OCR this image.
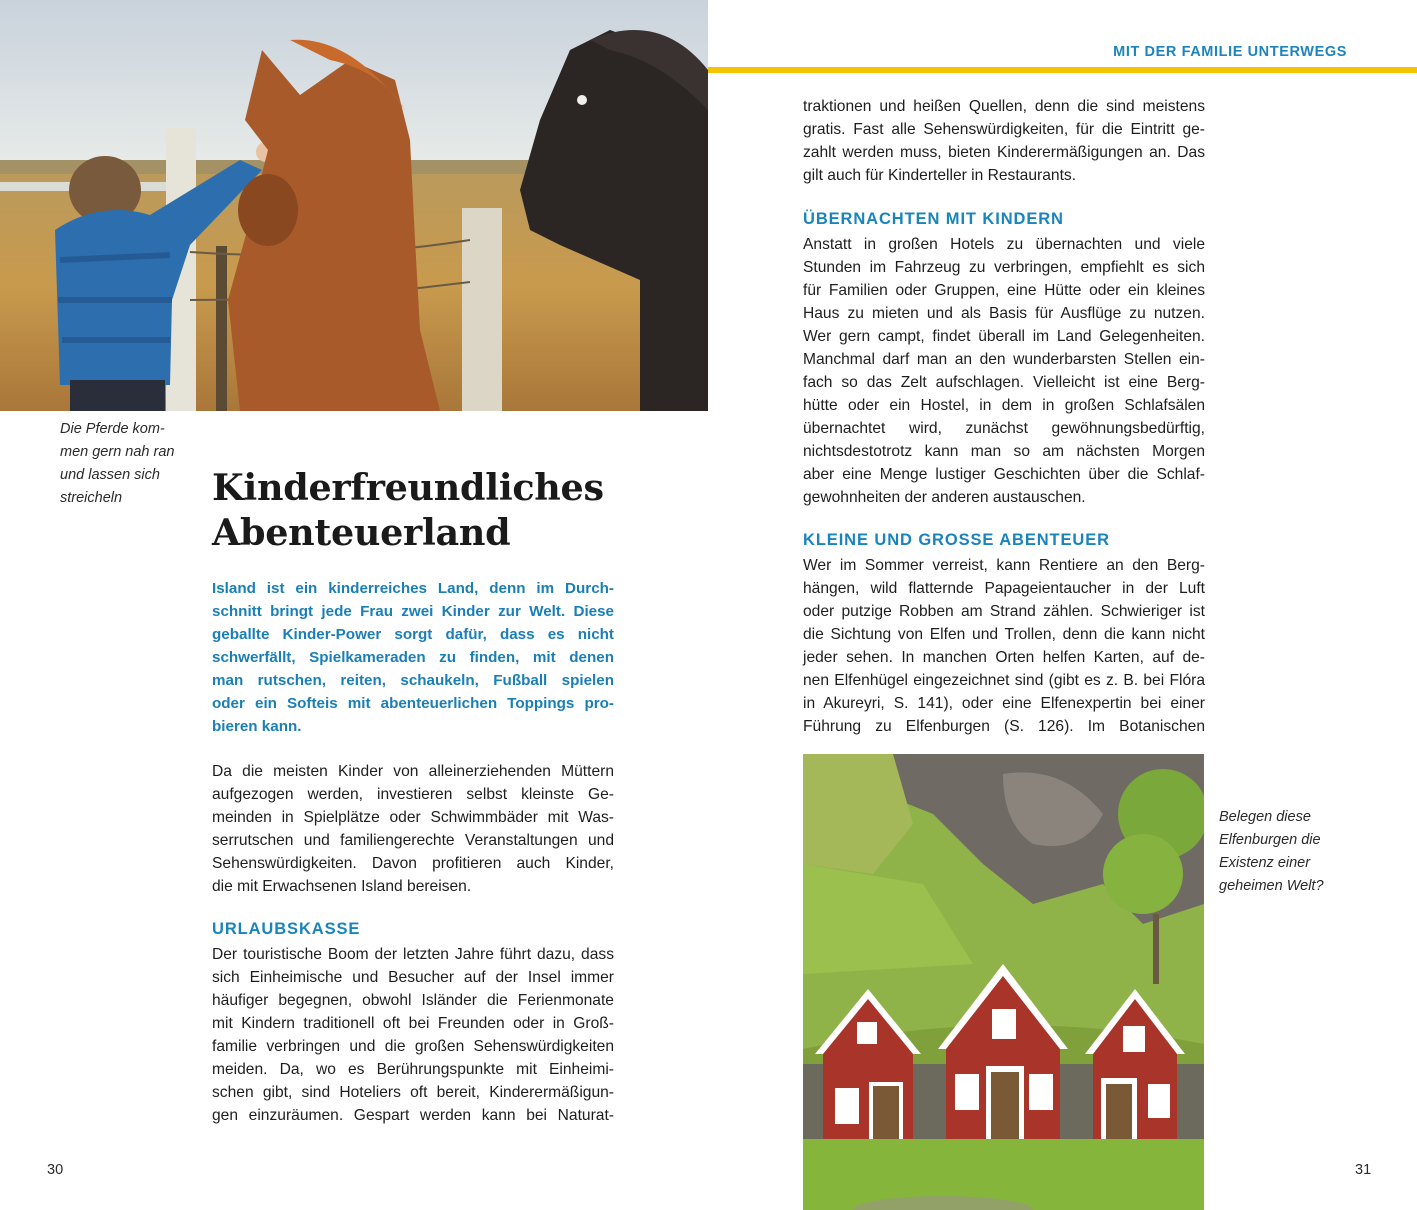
Die Pferde kom-
men gern nah ran
und lassen sich
streicheln	Kinderfreundliches
Abenteuerland
Island ist ein kinderreiches Land, denn im Durch-
schnitt bringt jede Frau zwei Kinder zur Welt. Diese
geballte Kinder-Power sorgt dafür, dass es nicht
schwerfällt, Spielkameraden zu finden, mit denen
man rutschen, reiten, schaukeln, Fußball spielen
oder ein Softeis mit abenteuerlichen Toppings pro-
bieren kann.
Da die meisten Kinder von alleinerziehenden Müttern
aufgezogen werden, investieren selbst kleinste Ge-
meinden in Spielplätze oder Schwimmbäder mit Was-
serrutschen und familiengerechte Veranstaltungen und
Sehenswürdigkeiten. Davon profitieren auch Kinder,
die mit Erwachsenen Island bereisen.
URLAUBSKASSE
Der touristische Boom der letzten Jahre führt dazu, dass
sich Einheimische und Besucher auf der Insel immer
häufiger begegnen, obwohl Isländer die Ferienmonate
mit Kindern traditionell oft bei Freunden oder in Groß-
familie verbringen und die großen Sehenswürdigkeiten
meiden. Da, wo es Berührungspunkte mit Einheimi-
schen gibt, sind Hoteliers oft bereit, Kinderermäßigun-
gen einzuräumen. Gespart werden kann bei Naturat-
30
MIT DER FAMILIE UNTERWEGS
traktionen und heißen Quellen, denn die sind meistens
gratis. Fast alle Sehenswürdigkeiten, für die Eintritt ge-
zahlt werden muss, bieten Kinderermäßigungen an. Das
gilt auch für Kinderteller in Restaurants.
ÜBERNACHTEN MIT KINDERN
Anstatt in großen Hotels zu übernachten und viele
Stunden im Fahrzeug zu verbringen, empfiehlt es sich
für Familien oder Gruppen, eine Hütte oder ein kleines
Haus zu mieten und als Basis für Ausflüge zu nutzen.
Wer gern campt, findet überall im Land Gelegenheiten.
Manchmal darf man an den wunderbarsten Stellen ein-
fach so das Zelt aufschlagen. Vielleicht ist eine Berg-
hütte oder ein Hostel, in dem in großen Schlafsälen
übernachtet wird, zunächst gewöhnungsbedürftig,
nichtsdestotrotz kann man so am nächsten Morgen
aber eine Menge lustiger Geschichten über die Schlaf-
gewohnheiten der anderen austauschen.
KLEINE UND GROSSE ABENTEUER
Wer im Sommer verreist, kann Rentiere an den Berg-
hängen, wild flatternde Papageientaucher in der Luft
oder putzige Robben am Strand zählen. Schwieriger ist
die Sichtung von Elfen und Trollen, denn die kann nicht
jeder sehen. In manchen Orten helfen Karten, auf de-
nen Elfenhügel eingezeichnet sind (gibt es z. B. bei Flóra
in Akureyri, S. 141), oder eine Elfenexpertin bei einer
Führung zu Elfenburgen (S. 126). Im Botanischen
Belegen diese
Elfenburgen die
Existenz einer
geheimen Welt?
31
